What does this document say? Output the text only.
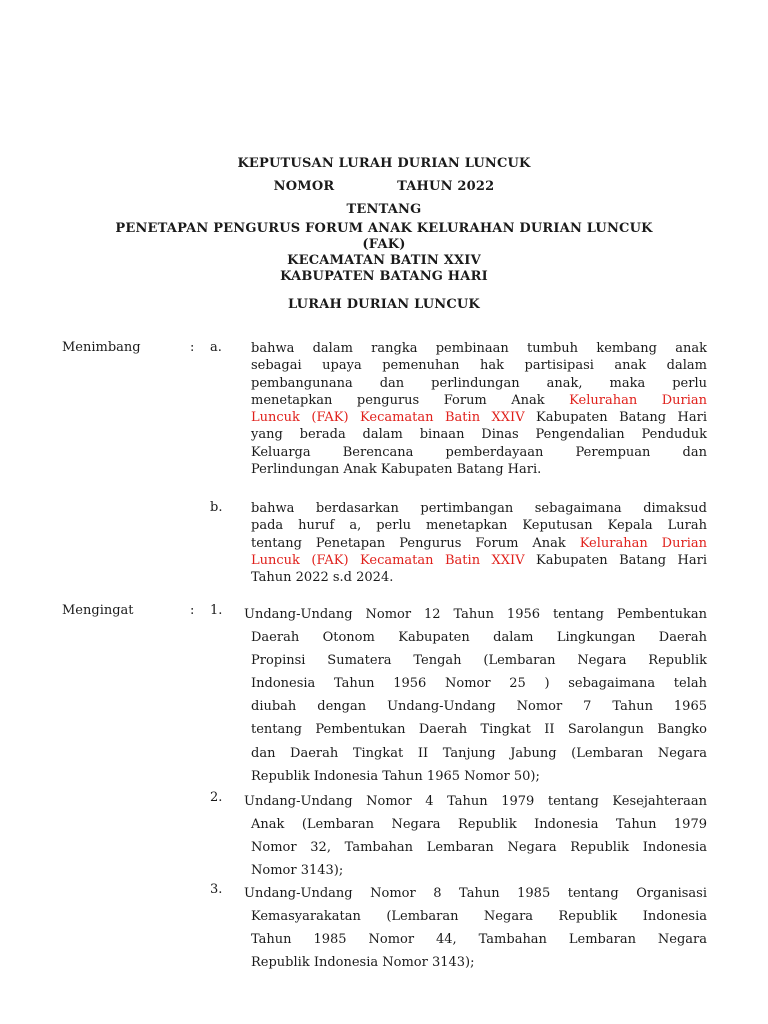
KEPUTUSAN LURAH DURIAN LUNCUK
NOMOR	TAHUN 2022
TENTANG
PENETAPAN PENGURUS FORUM ANAK KELURAHAN DURIAN LUNCUK
(FAK)
KECAMATAN BATIN XXIV
KABUPATEN BATANG HARI
LURAH DURIAN LUNCUK
Menimbang	: a. bahwa dalam rangka pembinaan tumbuh kembang anak
sebagai upaya pemenuhan hak partisipasi anak dalam
pembangunana dan perlindungan anak, maka perlu
menetapkan pengurus Forum Anak Kelurahan Durian
Luncuk (FAK) Kecamatan Batin XXIV Kabupaten Batang Hari
yang berada dalam binaan Dinas Pengendalian Penduduk
Keluarga Berencana pemberdayaan Perempuan dan
Perlindungan Anak Kabupaten Batang Hari.
b. bahwa berdasarkan pertimbangan sebagaimana dimaksud
pada huruf a, perlu menetapkan Keputusan Kepala Lurah
tentang Penetapan Pengurus Forum Anak Kelurahan Durian
Luncuk (FAK) Kecamatan Batin XXIV Kabupaten Batang Hari
Tahun 2022 s.d 2024.
Mengingat	: 1. Undang-Undang Nomor 12 Tahun 1956 tentang Pembentukan
Daerah Otonom Kabupaten dalam Lingkungan Daerah
Propinsi Sumatera Tengah (Lembaran Negara Republik
Indonesia Tahun 1956 Nomor 25 ) sebagaimana telah
diubah dengan Undang-Undang Nomor 7 Tahun 1965
tentang Pembentukan Daerah Tingkat II Sarolangun Bangko
dan Daerah Tingkat II Tanjung Jabung (Lembaran Negara
Republik Indonesia Tahun 1965 Nomor 50);
2. Undang-Undang Nomor 4 Tahun 1979 tentang Kesejahteraan
Anak (Lembaran Negara Republik Indonesia Tahun 1979
Nomor 32, Tambahan Lembaran Negara Republik Indonesia
Nomor 3143);
3. Undang-Undang Nomor 8 Tahun 1985 tentang Organisasi
Kemasyarakatan (Lembaran Negara Republik Indonesia
Tahun 1985 Nomor 44, Tambahan Lembaran Negara
Republik Indonesia Nomor 3143);
